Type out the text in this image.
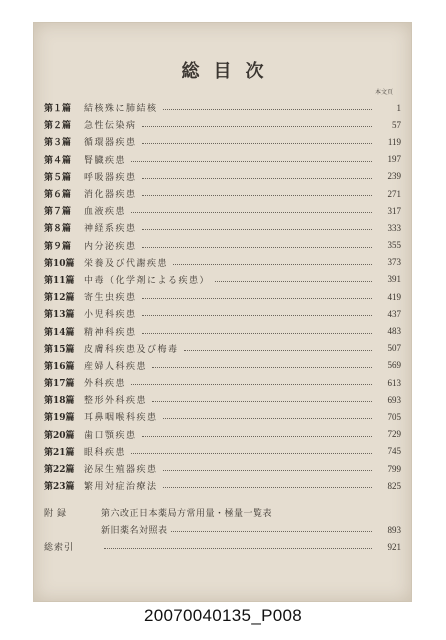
総目次
本文頁
第１篇	結核殊に肺結核	1
第２篇	急性伝染病	57
第３篇	循環器疾患	119
第４篇	腎臓疾患	197
第５篇	呼吸器疾患	239
第６篇	消化器疾患	271
第７篇	血液疾患	317
第８篇	神経系疾患	333
第９篇	内分泌疾患	355
第10篇	栄養及び代謝疾患	373
第11篇	中毒（化学剤による疾患）	391
第12篇	寄生虫疾患	419
第13篇	小児科疾患	437
第14篇	精神科疾患	483
第15篇	皮膚科疾患及び梅毒	507
第16篇	産婦人科疾患	569
第17篇	外科疾患	613
第18篇	整形外科疾患	693
第19篇	耳鼻咽喉科疾患	705
第20篇	歯口顎疾患	729
第21篇	眼科疾患	745
第22篇	泌尿生殖器疾患	799
第23篇	繁用対症治療法	825
附録	第六改正日本薬局方常用量・極量一覧表
新旧薬名対照表	893
総索引	921
20070040135_P008
